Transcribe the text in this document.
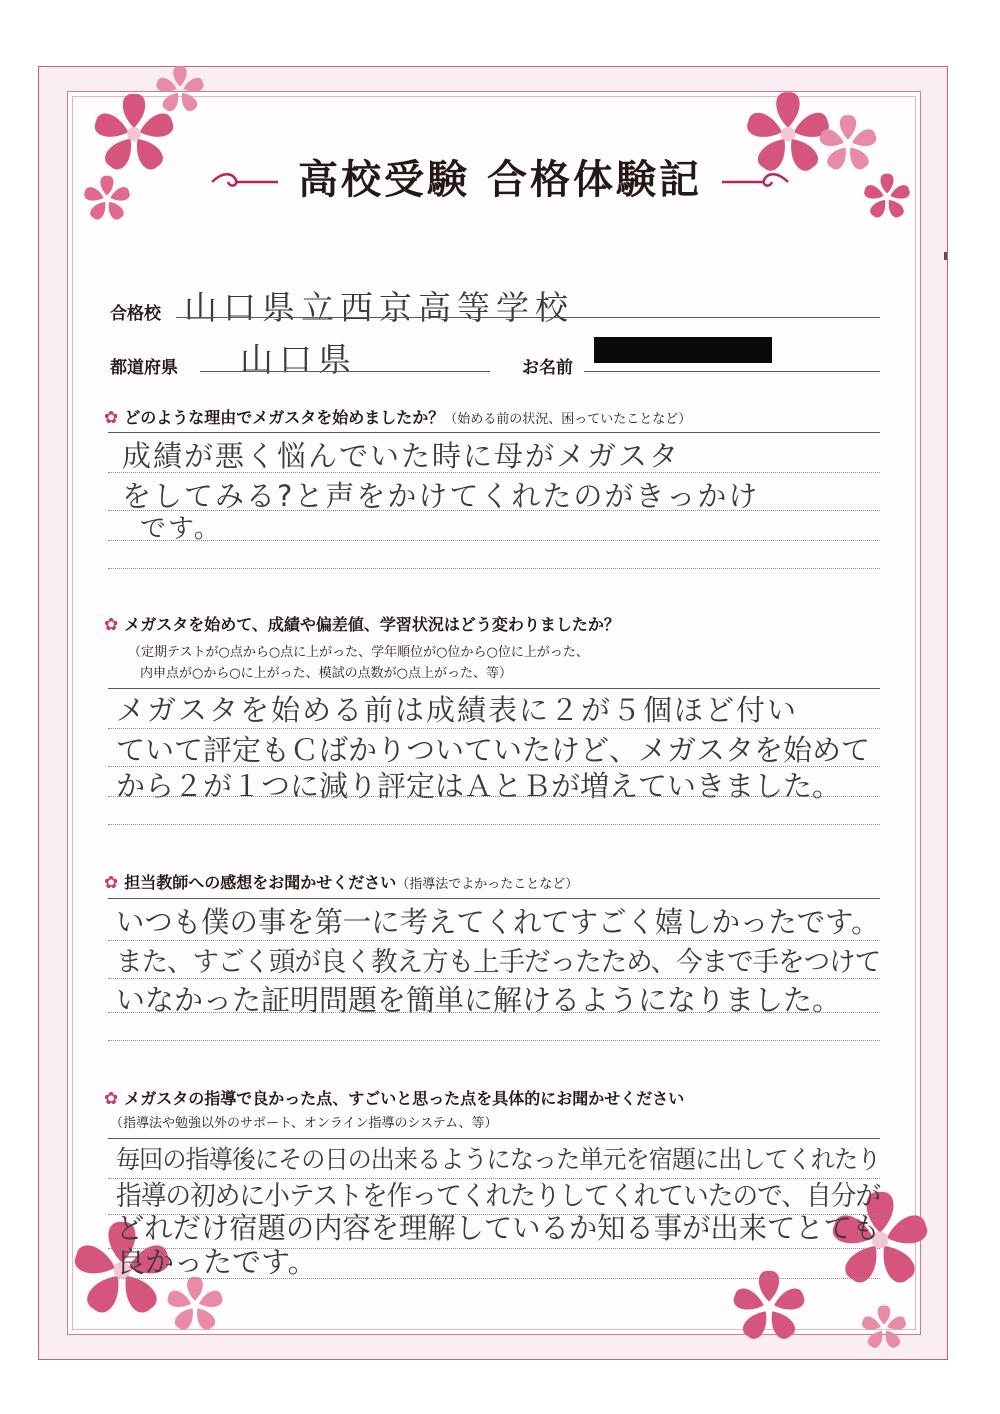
高校受験 合格体験記
合格校 山口県立西京高等学校
都道府県 山口県	お名前
✿ どのような理由でメガスタを始めましたか？（始める前の状況、困っていたことなど）
成績が悪く悩んでいた時に母がメガスタ
をしてみる?と声をかけてくれたのがきっかけ
です。
✿ メガスタを始めて、成績や偏差値、学習状況はどう変わりましたか？
（定期テストが○点から○点に上がった、学年順位が○位から○位に上がった、
内申点が○から○に上がった、模試の点数が○点上がった、等）
メガスタを始める前は成績表に２が５個ほど付い
ていて評定もＣばかりついていたけど、メガスタを始めて
から２が１つに減り評定はＡとＢが増えていきました。
✿ 担当教師への感想をお聞かせください（指導法でよかったことなど）
いつも僕の事を第一に考えてくれてすごく嬉しかったです。
また、すごく頭が良く教え方も上手だったため、今まで手をつけて
いなかった証明問題を簡単に解けるようになりました。
✿ メガスタの指導で良かった点、すごいと思った点を具体的にお聞かせください
（指導法や勉強以外のサポート、オンライン指導のシステム、等）
毎回の指導後にその日の出来るようになった単元を宿題に出してくれたり
指導の初めに小テストを作ってくれたりしてくれていたので、自分が
どれだけ宿題の内容を理解しているか知る事が出来てとても
良かったです。
